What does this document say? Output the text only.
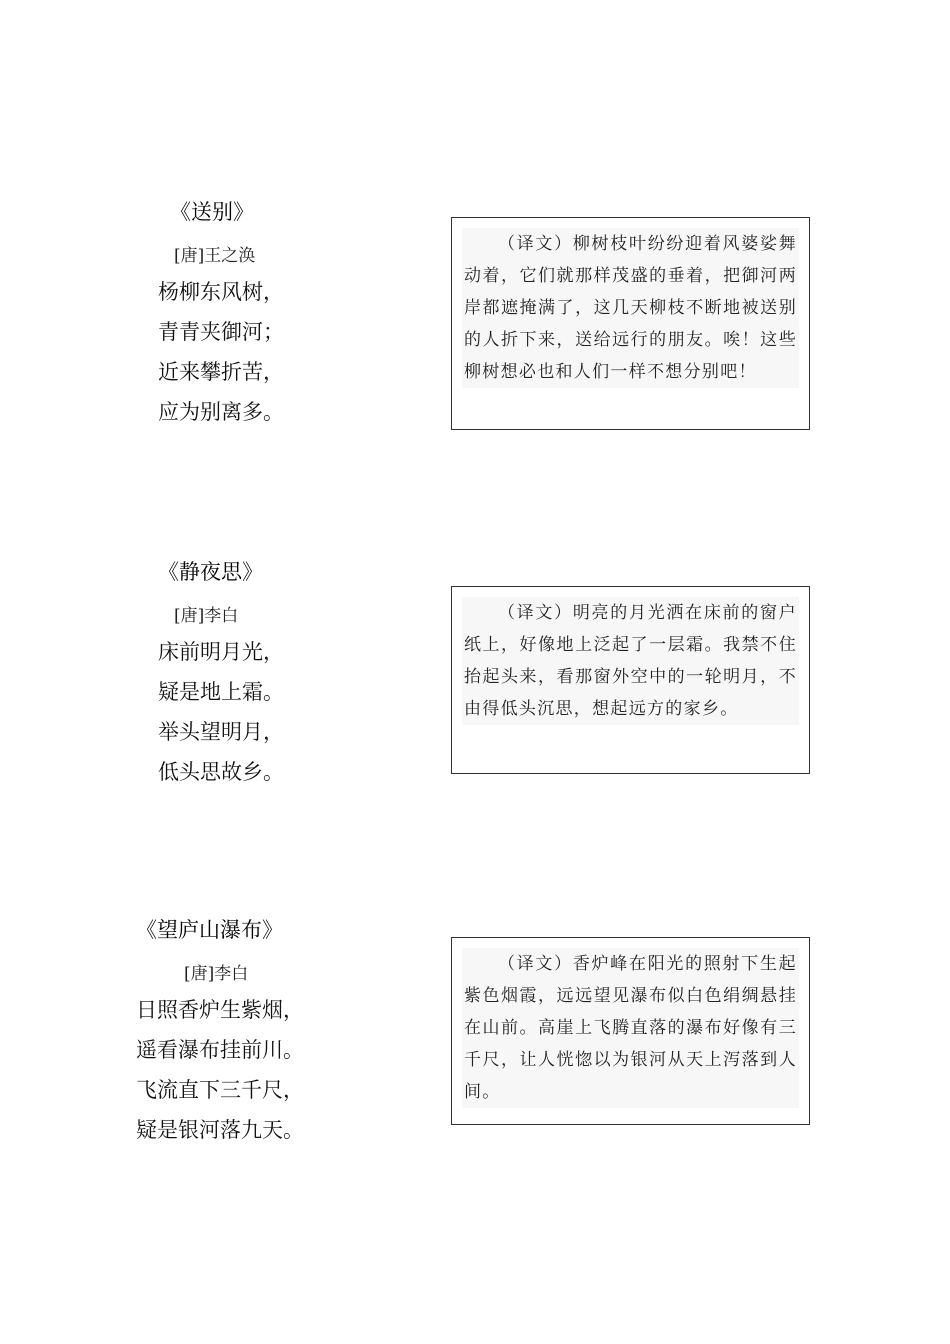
《送别》
[唐]王之涣
杨柳东风树，
青青夹御河；
近来攀折苦，
应为别离多。
（译文）柳树枝叶纷纷迎着风婆娑舞动着，它们就那样茂盛的垂着，把御河两岸都遮掩满了，这几天柳枝不断地被送别的人折下来，送给远行的朋友。唉！这些柳树想必也和人们一样不想分别吧！
《静夜思》
[唐]李白
床前明月光，
疑是地上霜。
举头望明月，
低头思故乡。
（译文）明亮的月光洒在床前的窗户纸上，好像地上泛起了一层霜。我禁不住抬起头来，看那窗外空中的一轮明月，不由得低头沉思，想起远方的家乡。
《望庐山瀑布》
[唐]李白
日照香炉生紫烟，
遥看瀑布挂前川。
飞流直下三千尺，
疑是银河落九天。
（译文）香炉峰在阳光的照射下生起紫色烟霞，远远望见瀑布似白色绢绸悬挂在山前。高崖上飞腾直落的瀑布好像有三千尺，让人恍惚以为银河从天上泻落到人间。
